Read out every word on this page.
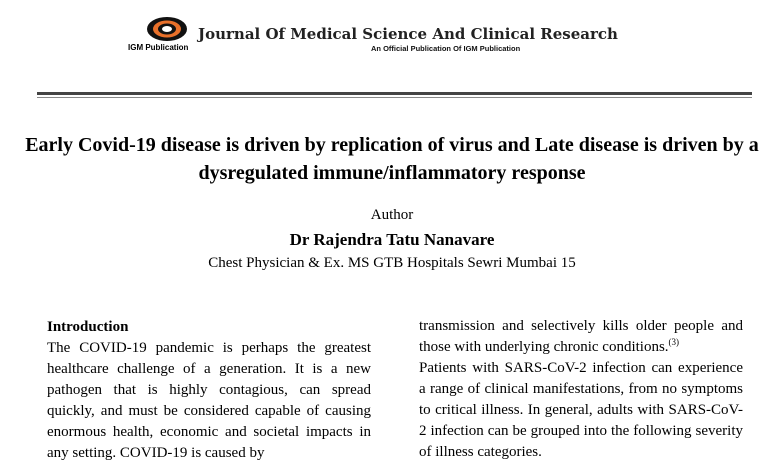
IGM Publication
Journal Of Medical Science And Clinical Research
An Official Publication Of IGM Publication
Early Covid-19 disease is driven by replication of virus and Late disease is driven by a dysregulated immune/inflammatory response
Author
Dr Rajendra Tatu Nanavare
Chest Physician & Ex. MS GTB Hospitals Sewri Mumbai 15
Introduction

The COVID-19 pandemic is perhaps the greatest healthcare challenge of a generation. It is a new pathogen that is highly contagious, can spread quickly, and must be considered capable of causing enormous health, economic and societal impacts in any setting. COVID-19 is caused by

transmission and selectively kills older people and those with underlying chronic conditions.$^{(3)}$

Patients with SARS-CoV-2 infection can experience a range of clinical manifestations, from no symptoms to critical illness. In general, adults with SARS-CoV-2 infection can be grouped into the following severity of illness categories.
